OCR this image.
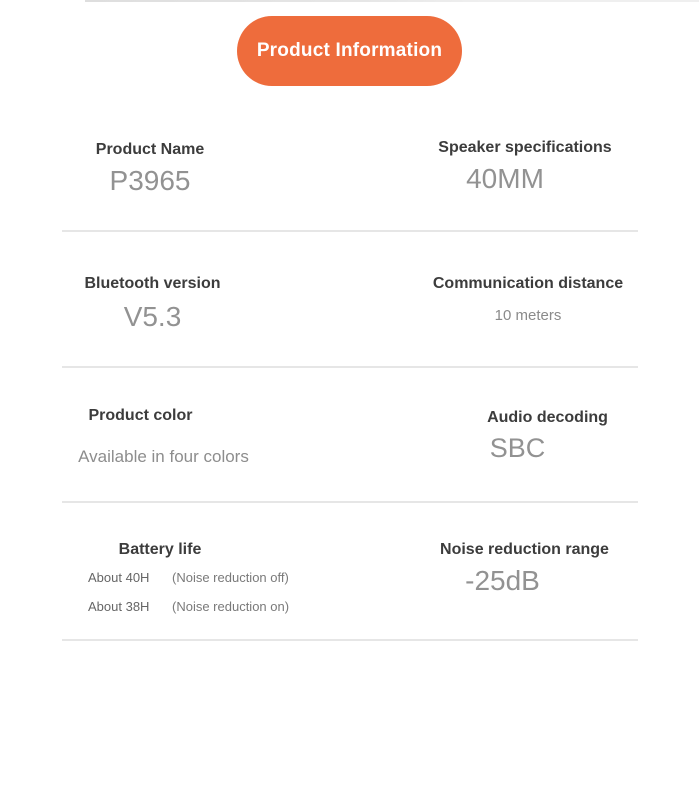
Product Information
Product Name
P3965
Speaker specifications
40MM
Bluetooth version
V5.3
Communication distance
10 meters
Product color
Available in four colors
Audio decoding
SBC
Battery life
About 40H	(Noise reduction off)
About 38H	(Noise reduction on)
Noise reduction range
-25dB
